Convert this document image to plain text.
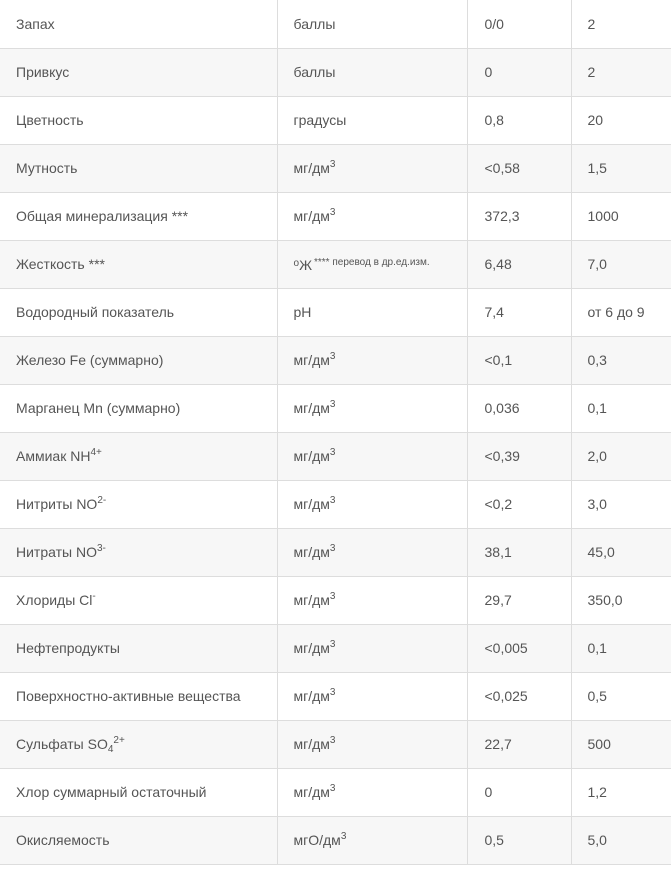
Запах	баллы	0/0	2
Привкус	баллы	0	2
Цветность	градусы	0,8	20
Мутность	$мг/дм^3$	<0,58	1,5
Общая минерализация ***	$мг/дм^3$	372,3	1000
Жесткость ***	$^о$Ж $^{**** перевод в др.ед.изм.}$	6,48	7,0
Водородный показатель	pH	7,4	от 6 до 9
Железо Fe (суммарно)	$мг/дм^3$	<0,1	0,3
Марганец Mn (суммарно)	$мг/дм^3$	0,036	0,1
Аммиак $NH^{4+}$	$мг/дм^3$	<0,39	2,0
Нитриты $NO^{2-}$	$мг/дм^3$	<0,2	3,0
Нитраты $NO^{3-}$	$мг/дм^3$	38,1	45,0
Хлориды Cl-	$мг/дм^3$	29,7	350,0
Нефтепродукты	$мг/дм^3$	<0,005	0,1
Поверхностно-активные вещества	$мг/дм^3$	<0,025	0,5
Сульфаты $SO_4^{2+}$	$мг/дм^3$	22,7	500
Хлор суммарный остаточный	$мг/дм^3$	0	1,2
Окисляемость	мгО/$дм^3$	0,5	5,0
